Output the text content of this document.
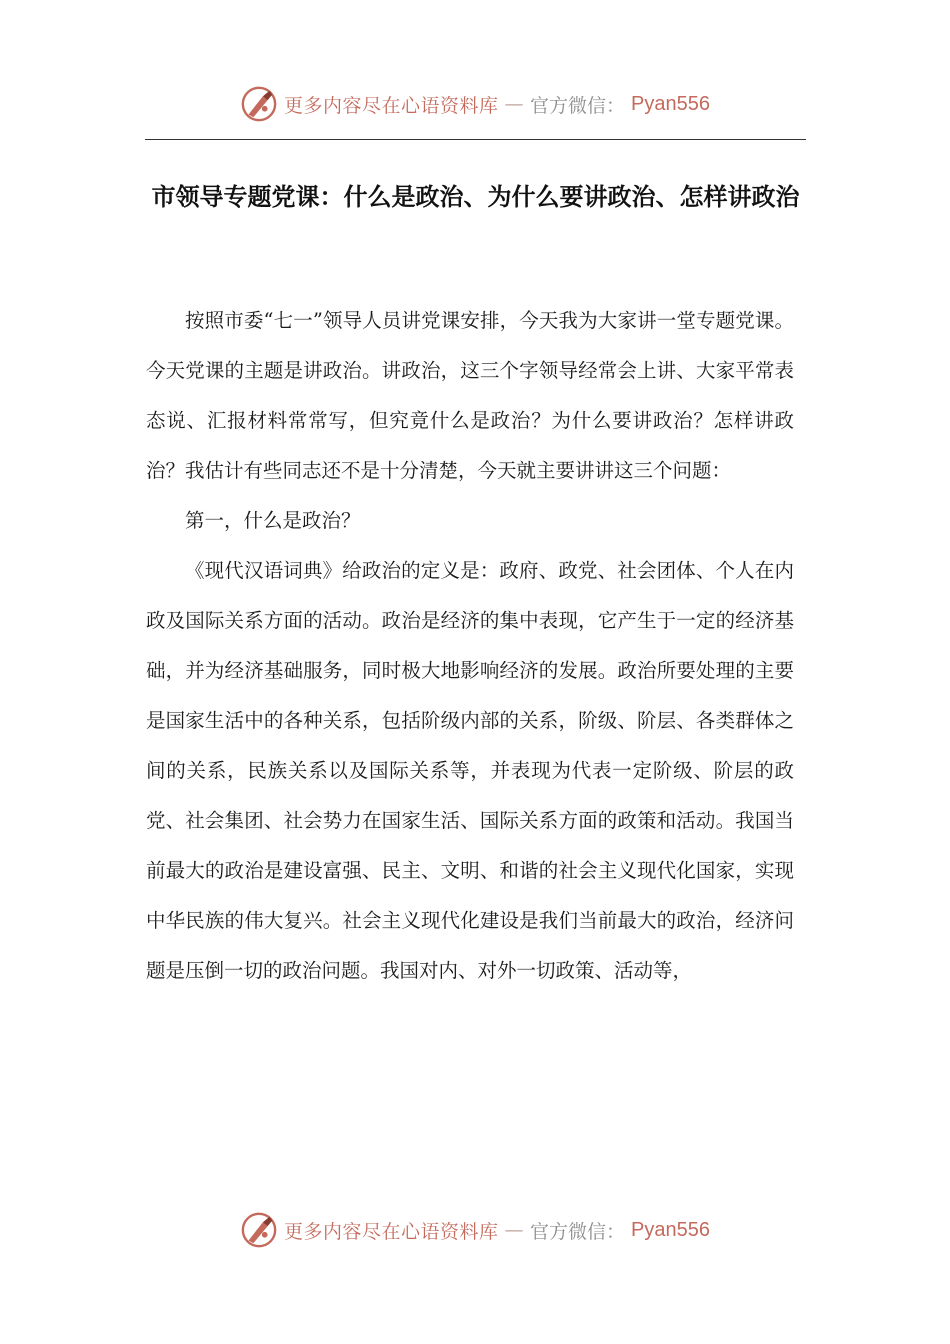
更多内容尽在心语资料库 — 官方微信： Pyan556
市领导专题党课：什么是政治、为什么要讲政治、怎样讲政治

按照市委“七一”领导人员讲党课安排，今天我为大家讲一堂专题党课。今天党课的主题是讲政治。讲政治，这三个字领导经常会上讲、大家平常表态说、汇报材料常常写，但究竟什么是政治？为什么要讲政治？怎样讲政治？我估计有些同志还不是十分清楚，今天就主要讲讲这三个问题：

第一，什么是政治？

《现代汉语词典》给政治的定义是：政府、政党、社会团体、个人在内政及国际关系方面的活动。政治是经济的集中表现，它产生于一定的经济基础，并为经济基础服务，同时极大地影响经济的发展。政治所要处理的主要是国家生活中的各种关系，包括阶级内部的关系，阶级、阶层、各类群体之间的关系，民族关系以及国际关系等，并表现为代表一定阶级、阶层的政党、社会集团、社会势力在国家生活、国际关系方面的政策和活动。我国当前最大的政治是建设富强、民主、文明、和谐的社会主义现代化国家，实现中华民族的伟大复兴。社会主义现代化建设是我们当前最大的政治，经济问题是压倒一切的政治问题。我国对内、对外一切政策、活动等，

更多内容尽在心语资料库 — 官方微信： Pyan556
